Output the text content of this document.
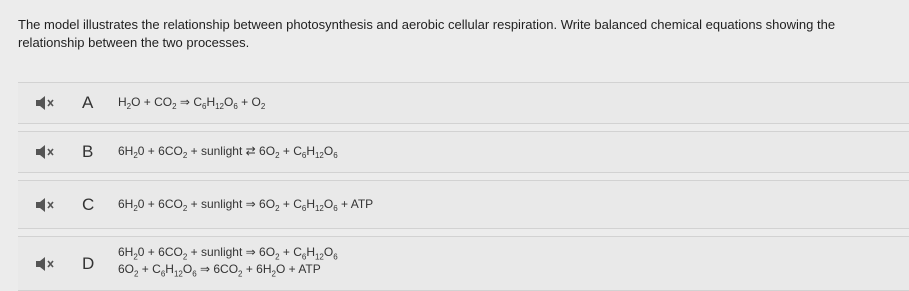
The model illustrates the relationship between photosynthesis and aerobic cellular respiration. Write balanced chemical equations showing the relationship between the two processes.
A $H_2O + CO_2$ ⇒ $C_6H_{12}O_6 + O_2$
B $6H_20 + 6CO_2$ + sunlight ⇄ $6O_2 + C_6H_{12}O_6$
C $6H_20 + 6CO_2$ + sunlight ⇒ $6O_2 + C_6H_{12}O_6$ + ATP
D
$6H_20 + 6CO_2$ + sunlight ⇒ $6O_2 + C_6H_{12}O_6$
$6O_2 + C_6H_{12}O_6$ ⇒ $6CO_2 + 6H_2O$ + ATP
